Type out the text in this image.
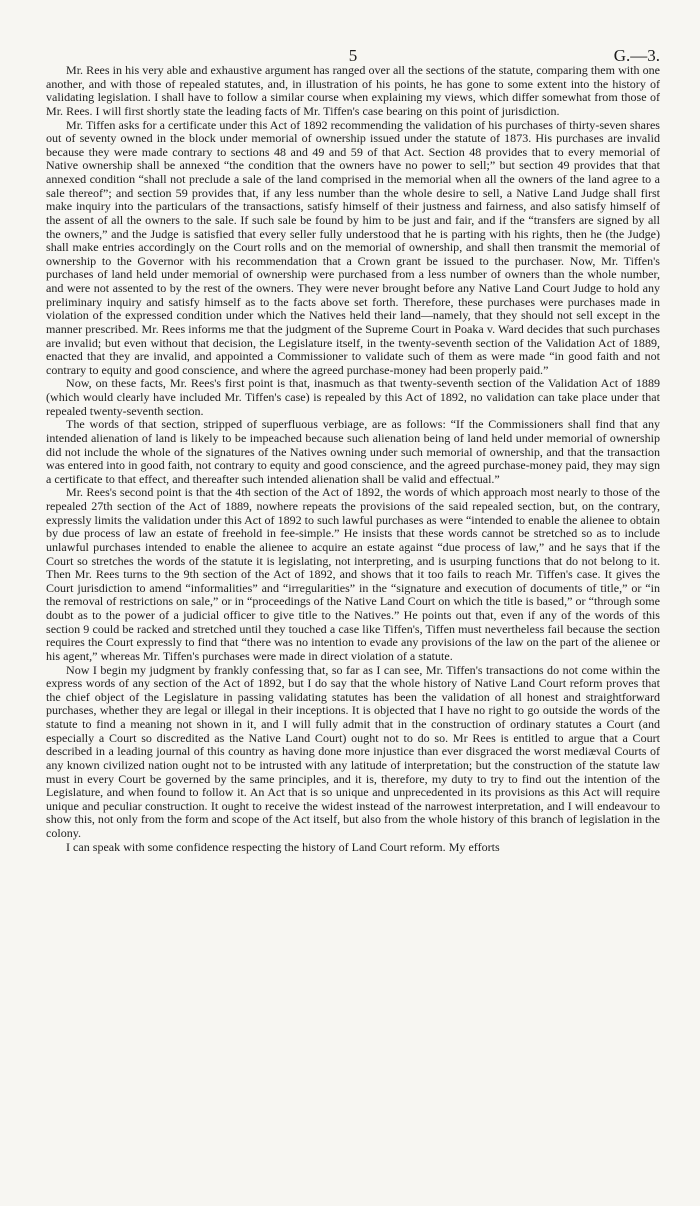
5	G.—3.

Mr. Rees in his very able and exhaustive argument has ranged over all the sections of the statute, comparing them with one another, and with those of repealed statutes, and, in illustration of his points, he has gone to some extent into the history of validating legislation. I shall have to follow a similar course when explaining my views, which differ somewhat from those of Mr. Rees. I will first shortly state the leading facts of Mr. Tiffen's case bearing on this point of jurisdiction.

Mr. Tiffen asks for a certificate under this Act of 1892 recommending the validation of his purchases of thirty-seven shares out of seventy owned in the block under memorial of ownership issued under the statute of 1873. His purchases are invalid because they were made contrary to sections 48 and 49 and 59 of that Act. Section 48 provides that to every memorial of Native ownership shall be annexed “the condition that the owners have no power to sell;” but section 49 provides that that annexed condition “shall not preclude a sale of the land comprised in the memorial when all the owners of the land agree to a sale thereof”; and section 59 provides that, if any less number than the whole desire to sell, a Native Land Judge shall first make inquiry into the particulars of the transactions, satisfy himself of their justness and fairness, and also satisfy himself of the assent of all the owners to the sale. If such sale be found by him to be just and fair, and if the “transfers are signed by all the owners,” and the Judge is satisfied that every seller fully understood that he is parting with his rights, then he (the Judge) shall make entries accordingly on the Court rolls and on the memorial of ownership, and shall then transmit the memorial of ownership to the Governor with his recommendation that a Crown grant be issued to the purchaser. Now, Mr. Tiffen's purchases of land held under memorial of ownership were purchased from a less number of owners than the whole number, and were not assented to by the rest of the owners. They were never brought before any Native Land Court Judge to hold any preliminary inquiry and satisfy himself as to the facts above set forth. Therefore, these purchases were purchases made in violation of the expressed condition under which the Natives held their land—namely, that they should not sell except in the manner prescribed. Mr. Rees informs me that the judgment of the Supreme Court in Poaka v. Ward decides that such purchases are invalid; but even without that decision, the Legislature itself, in the twenty-seventh section of the Validation Act of 1889, enacted that they are invalid, and appointed a Commissioner to validate such of them as were made “in good faith and not contrary to equity and good conscience, and where the agreed purchase-money had been properly paid.”

Now, on these facts, Mr. Rees's first point is that, inasmuch as that twenty-seventh section of the Validation Act of 1889 (which would clearly have included Mr. Tiffen's case) is repealed by this Act of 1892, no validation can take place under that repealed twenty-seventh section.

The words of that section, stripped of superfluous verbiage, are as follows: “If the Commissioners shall find that any intended alienation of land is likely to be impeached because such alienation being of land held under memorial of ownership did not include the whole of the signatures of the Natives owning under such memorial of ownership, and that the transaction was entered into in good faith, not contrary to equity and good conscience, and the agreed purchase-money paid, they may sign a certificate to that effect, and thereafter such intended alienation shall be valid and effectual.”

Mr. Rees's second point is that the 4th section of the Act of 1892, the words of which approach most nearly to those of the repealed 27th section of the Act of 1889, nowhere repeats the provisions of the said repealed section, but, on the contrary, expressly limits the validation under this Act of 1892 to such lawful purchases as were “intended to enable the alienee to obtain by due process of law an estate of freehold in fee-simple.” He insists that these words cannot be stretched so as to include unlawful purchases intended to enable the alienee to acquire an estate against “due process of law,” and he says that if the Court so stretches the words of the statute it is legislating, not interpreting, and is usurping functions that do not belong to it. Then Mr. Rees turns to the 9th section of the Act of 1892, and shows that it too fails to reach Mr. Tiffen's case. It gives the Court jurisdiction to amend “informalities” and “irregularities” in the “signature and execution of documents of title,” or “in the removal of restrictions on sale,” or in “proceedings of the Native Land Court on which the title is based,” or “through some doubt as to the power of a judicial officer to give title to the Natives.” He points out that, even if any of the words of this section 9 could be racked and stretched until they touched a case like Tiffen's, Tiffen must nevertheless fail because the section requires the Court expressly to find that “there was no intention to evade any provisions of the law on the part of the alienee or his agent,” whereas Mr. Tiffen's purchases were made in direct violation of a statute.

Now I begin my judgment by frankly confessing that, so far as I can see, Mr. Tiffen's transactions do not come within the express words of any section of the Act of 1892, but I do say that the whole history of Native Land Court reform proves that the chief object of the Legislature in passing validating statutes has been the validation of all honest and straightforward purchases, whether they are legal or illegal in their inceptions. It is objected that I have no right to go outside the words of the statute to find a meaning not shown in it, and I will fully admit that in the construction of ordinary statutes a Court (and especially a Court so discredited as the Native Land Court) ought not to do so. Mr Rees is entitled to argue that a Court described in a leading journal of this country as having done more injustice than ever disgraced the worst mediæval Courts of any known civilized nation ought not to be intrusted with any latitude of interpretation; but the construction of the statute law must in every Court be governed by the same principles, and it is, therefore, my duty to try to find out the intention of the Legislature, and when found to follow it. An Act that is so unique and unprecedented in its provisions as this Act will require unique and peculiar construction. It ought to receive the widest instead of the narrowest interpretation, and I will endeavour to show this, not only from the form and scope of the Act itself, but also from the whole history of this branch of legislation in the colony.

I can speak with some confidence respecting the history of Land Court reform. My efforts
